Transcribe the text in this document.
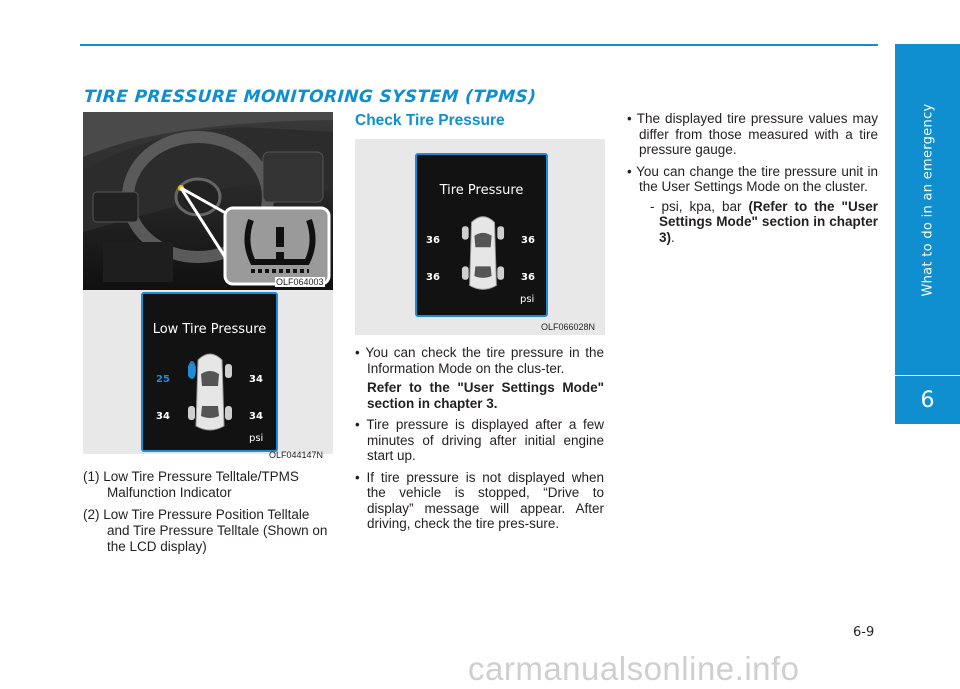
TIRE PRESSURE MONITORING SYSTEM (TPMS)
What to do in an emergency
6
OLF064003
Low Tire Pressure
25	34
34	34
psi
OLF044147N
(1) Low Tire Pressure Telltale/TPMS Malfunction Indicator
(2) Low Tire Pressure Position Telltale and Tire Pressure Telltale (Shown on the LCD display)
Check Tire Pressure
Tire Pressure
36	36
36	36
psi
OLF066028N
• You can check the tire pressure in the Information Mode on the clus-ter.
Refer to the "User Settings Mode" section in chapter 3.
• Tire pressure is displayed after a few minutes of driving after initial engine start up.
• If tire pressure is not displayed when the vehicle is stopped, “Drive to display” message will appear. After driving, check the tire pres-sure.
• The displayed tire pressure values may differ from those measured with a tire pressure gauge.
• You can change the tire pressure unit in the User Settings Mode on the cluster.
- psi, kpa, bar (Refer to the "User Settings Mode" section in chapter 3).
6-9
carmanualsonline.info
